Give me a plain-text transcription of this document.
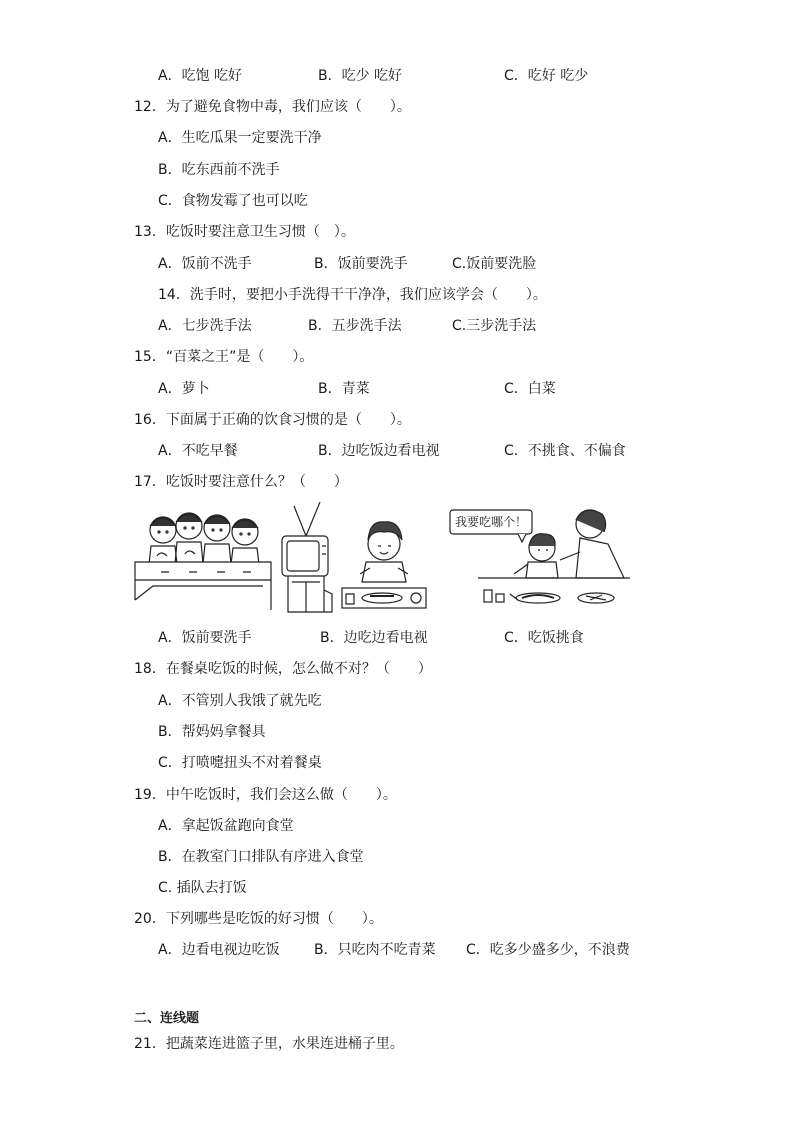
A．吃饱 吃好	B．吃少 吃好	C．吃好 吃少
12．为了避免食物中毒，我们应该（　　）。
A．生吃瓜果一定要洗干净
B．吃东西前不洗手
C．食物发霉了也可以吃
13．吃饭时要注意卫生习惯（　）。
A．饭前不洗手	B．饭前要洗手	C.饭前要洗脸
14．洗手时，要把小手洗得干干净净，我们应该学会（　　）。
A．七步洗手法	B．五步洗手法	C.三步洗手法
15．“百菜之王”是（　　）。
A．萝卜	B．青菜	C．白菜
16．下面属于正确的饮食习惯的是（　　）。
A．不吃早餐	B．边吃饭边看电视	C．不挑食、不偏食
17．吃饭时要注意什么？（　　）
我要吃哪个！
A．饭前要洗手	B．边吃边看电视	C．吃饭挑食
18．在餐桌吃饭的时候，怎么做不对？（　　）
A．不管别人我饿了就先吃
B．帮妈妈拿餐具
C．打喷嚏扭头不对着餐桌
19．中午吃饭时，我们会这么做（　　）。
A．拿起饭盆跑向食堂
B．在教室门口排队有序进入食堂
C. 插队去打饭
20．下列哪些是吃饭的好习惯（　　）。
A．边看电视边吃饭 B．只吃肉不吃青菜 C．吃多少盛多少，不浪费
二、连线题
21．把蔬菜连进篮子里，水果连进桶子里。
